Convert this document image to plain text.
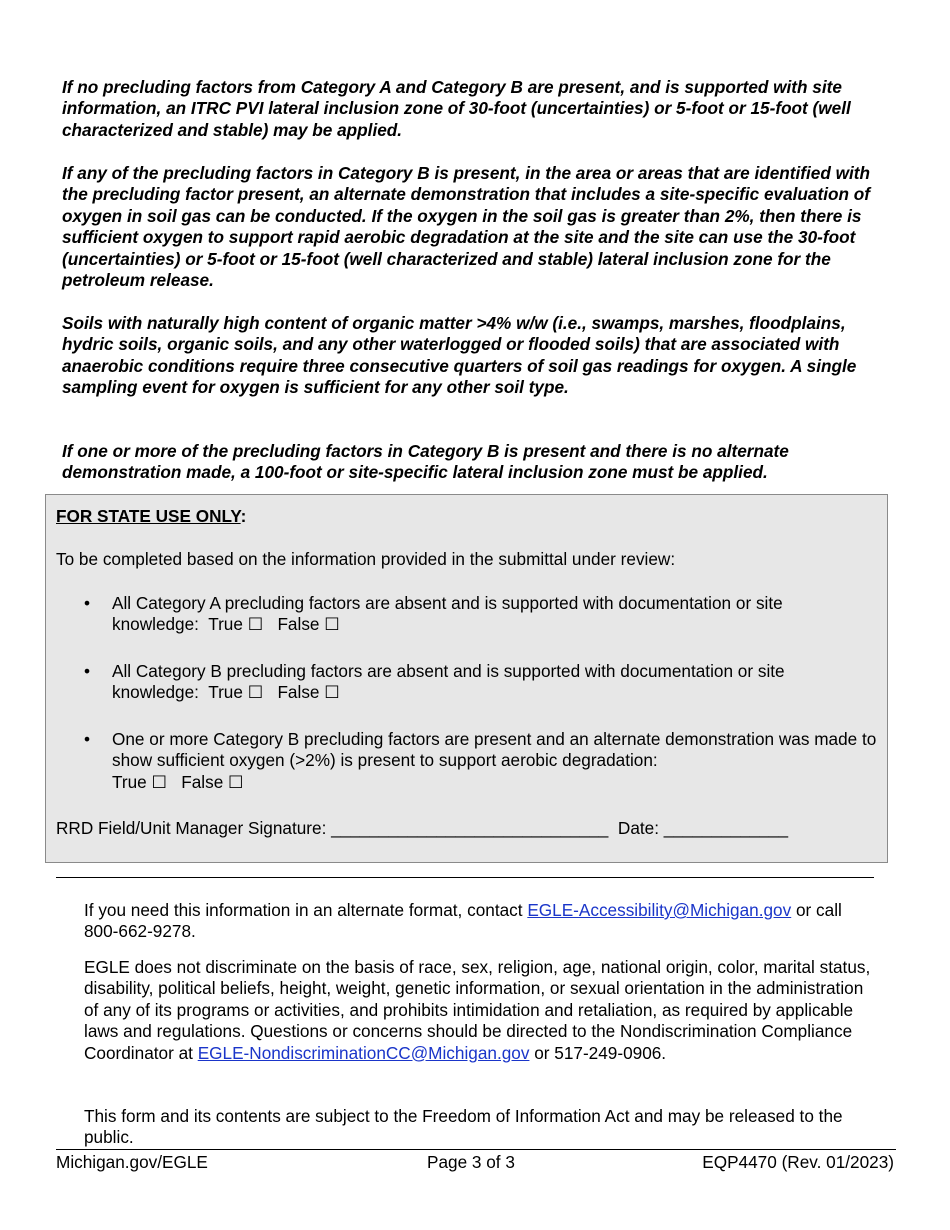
If no precluding factors from Category A and Category B are present, and is supported with site information, an ITRC PVI lateral inclusion zone of 30-foot (uncertainties) or 5-foot or 15-foot (well characterized and stable) may be applied.

If any of the precluding factors in Category B is present, in the area or areas that are identified with the precluding factor present, an alternate demonstration that includes a site-specific evaluation of oxygen in soil gas can be conducted. If the oxygen in the soil gas is greater than 2%, then there is sufficient oxygen to support rapid aerobic degradation at the site and the site can use the 30-foot (uncertainties) or 5-foot or 15-foot (well characterized and stable) lateral inclusion zone for the petroleum release.

Soils with naturally high content of organic matter >4% w/w (i.e., swamps, marshes, floodplains, hydric soils, organic soils, and any other waterlogged or flooded soils) that are associated with anaerobic conditions require three consecutive quarters of soil gas readings for oxygen. A single sampling event for oxygen is sufficient for any other soil type.

If one or more of the precluding factors in Category B is present and there is no alternate demonstration made, a 100-foot or site-specific lateral inclusion zone must be applied.

FOR STATE USE ONLY:

To be completed based on the information provided in the submittal under review:

• All Category A precluding factors are absent and is supported with documentation or site knowledge: True ☐ False ☐
• All Category B precluding factors are absent and is supported with documentation or site knowledge: True ☐ False ☐
• One or more Category B precluding factors are present and an alternate demonstration was made to show sufficient oxygen (>2%) is present to support aerobic degradation:
True ☐ False ☐

RRD Field/Unit Manager Signature: _____________________________ Date: _____________

If you need this information in an alternate format, contact EGLE-Accessibility@Michigan.gov or call 800-662-9278.

EGLE does not discriminate on the basis of race, sex, religion, age, national origin, color, marital status, disability, political beliefs, height, weight, genetic information, or sexual orientation in the administration of any of its programs or activities, and prohibits intimidation and retaliation, as required by applicable laws and regulations. Questions or concerns should be directed to the Nondiscrimination Compliance Coordinator at EGLE-NondiscriminationCC@Michigan.gov or 517-249-0906.

This form and its contents are subject to the Freedom of Information Act and may be released to the public.

Michigan.gov/EGLE	Page 3 of 3	EQP4470 (Rev. 01/2023)
